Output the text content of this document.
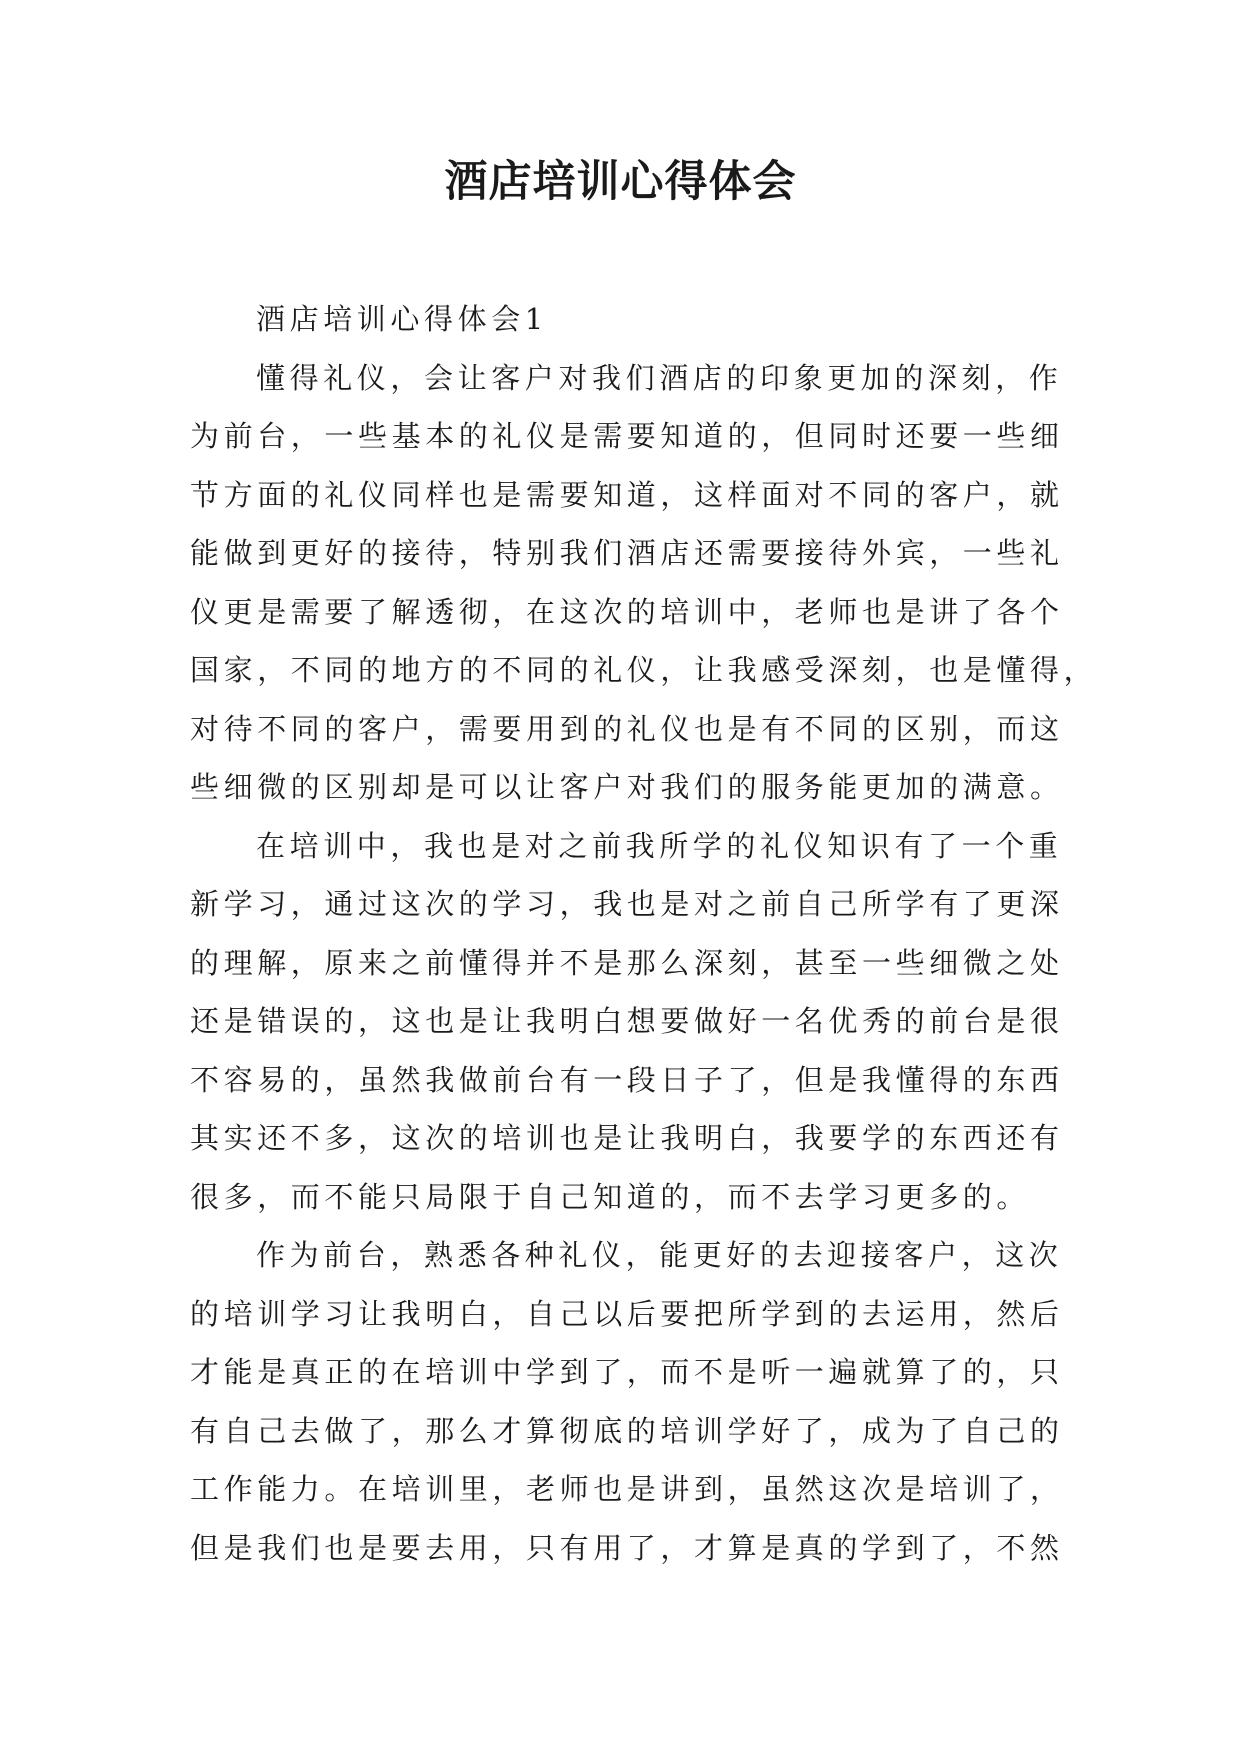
酒店培训心得体会
酒店培训心得体会1
懂得礼仪，会让客户对我们酒店的印象更加的深刻，作
为前台，一些基本的礼仪是需要知道的，但同时还要一些细
节方面的礼仪同样也是需要知道，这样面对不同的客户，就
能做到更好的接待，特别我们酒店还需要接待外宾，一些礼
仪更是需要了解透彻，在这次的培训中，老师也是讲了各个
国家，不同的地方的不同的礼仪，让我感受深刻，也是懂得，
对待不同的客户，需要用到的礼仪也是有不同的区别，而这
些细微的区别却是可以让客户对我们的服务能更加的满意。
在培训中，我也是对之前我所学的礼仪知识有了一个重
新学习，通过这次的学习，我也是对之前自己所学有了更深
的理解，原来之前懂得并不是那么深刻，甚至一些细微之处
还是错误的，这也是让我明白想要做好一名优秀的前台是很
不容易的，虽然我做前台有一段日子了，但是我懂得的东西
其实还不多，这次的培训也是让我明白，我要学的东西还有
很多，而不能只局限于自己知道的，而不去学习更多的。
作为前台，熟悉各种礼仪，能更好的去迎接客户，这次
的培训学习让我明白，自己以后要把所学到的去运用，然后
才能是真正的在培训中学到了，而不是听一遍就算了的，只
有自己去做了，那么才算彻底的培训学好了，成为了自己的
工作能力。在培训里，老师也是讲到，虽然这次是培训了，
但是我们也是要去用，只有用了，才算是真的学到了，不然
